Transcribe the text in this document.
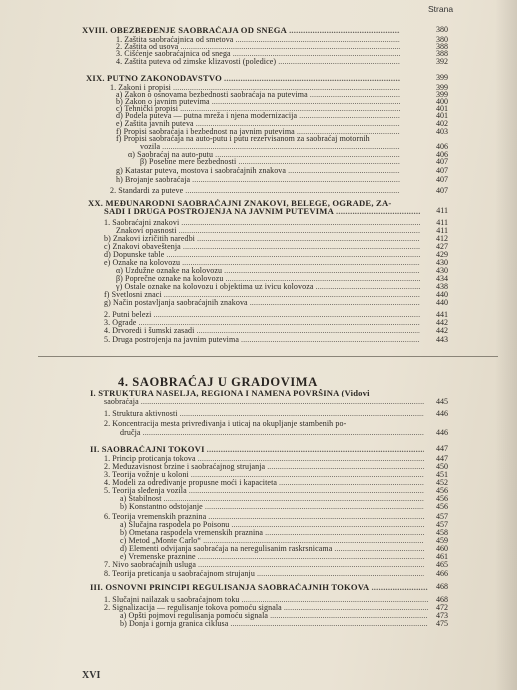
Strana
380
XVIII. OBEZBEĐENJE SAOBRAĆAJA OD SNEGA
.....
380
1. Zaštita saobraćajnica od smetova
.....
388
2. Zaštita od usova
.....
388
3. Čišćenje saobraćajnica od snega
.....
392
4. Zaštita puteva od zimske klizavosti (poledice)
.....
399
XIX. PUTNO ZAKONODAVSTVO
.....
399
1. Zakoni i propisi
.....
399
a) Zakon o osnovama bezbednosti saobraćaja na putevima
.....
400
b) Zakon o javnim putevima
.....
401
c) Tehnički propisi
.....
401
d) Podela puteva — putna mreža i njena modernizacija
.....
402
e) Zaštita javnih puteva
.....
403
f) Propisi saobraćaja i bezbednost na javnim putevima
.....
f) Propisi saobraćaja na auto-putu i putu rezervisanom za saobraćaj motornih
406
vozila
.....
406
α) Saobraćaj na auto-putu
.....
407
β) Posebne mere bezbednosti
.....
407
g) Katastar puteva, mostova i saobraćajnih znakova
.....
407
h) Brojanje saobraćaja
.....
407
2. Standardi za puteve
.....
XX. MEĐUNARODNI SAOBRAĆAJNI ZNAKOVI, BELEGE, OGRADE, ZA-
411
SADI I DRUGA POSTROJENJA NA JAVNIM PUTEVIMA
.....
411
1. Saobraćajni znakovi
.....
411
Znakovi opasnosti
.....
412
b) Znakovi izričitih naredbi
.....
427
c) Znakovi obaveštenja
.....
429
d) Dopunske table
.....
430
e) Oznake na kolovozu
.....
430
α) Uzdužne oznake na kolovozu
.....
434
β) Poprečne oznake na kolovozu
.....
438
γ) Ostale oznake na kolovozu i objektima uz ivicu kolovoza
.....
440
f) Svetlosni znaci
.....
440
g) Način postavljanja saobraćajnih znakova
.....
441
2. Putni belezi
.....
442
3. Ograde
.....
442
4. Drvoredi i šumski zasadi
.....
443
5. Druga postrojenja na javnim putevima
.....
I. STRUKTURA NASELJA, REGIONA I NAMENA POVRŠINA (Vidovi
445
saobraćaja
.....
446
1. Struktura aktivnosti
.....
2. Koncentracija mesta privređivanja i uticaj na okupljanje stambenih po-
446
dručja
.....
447
II. SAOBRAĆAJNI TOKOVI
.....
447
1. Princip proticanja tokova
.....
450
2. Međuzavisnost brzine i saobraćajnog strujanja
.....
451
3. Teorija vožnje u koloni
.....
452
4. Modeli za određivanje propusne moći i kapaciteta
.....
456
5. Teorija slеđenja vozila
.....
456
a) Stabilnost
.....
456
b) Konstantno odstojanje
.....
457
6. Teorija vremenskih praznina
.....
457
a) Slučajna raspodela po Poisonu
.....
458
b) Ometana raspodela vremenskih praznina
.....
459
c) Metod „Monte Carlo“
.....
460
d) Elementi odvijanja saobraćaja na neregulisanim raskrsnicama
.....
461
e) Vremenske praznine
.....
465
7. Nivo saobraćajnih usluga
.....
466
8. Teorija preticanja u saobraćajnom strujanju
.....
468
III. OSNOVNI PRINCIPI REGULISANJA SAOBRAĆAJNIH TOKOVA
.....
468
1. Slučajni nailazak u saobraćajnom toku
.....
472
2. Signalizacija — regulisanje tokova pomoću signala
.....
473
a) Opšti pojmovi regulisanja pomoću signala
.....
475
b) Donja i gornja granica ciklusa
.....
4. SAOBRAĆAJ U GRADOVIMA
XVI
